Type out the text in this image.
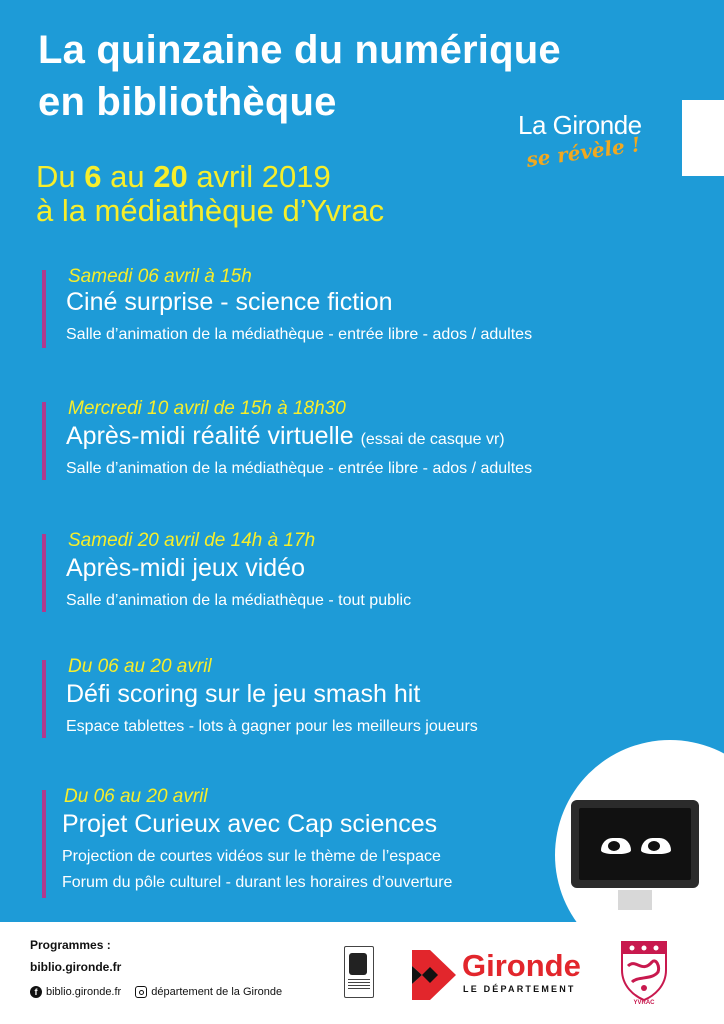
La quinzaine du numérique
en bibliothèque
La Gironde
se révèle !
Du 6 au 20 avril 2019
à la médiathèque d’Yvrac
Samedi 06 avril à 15h
Ciné surprise - science fiction
Salle d’animation de la médiathèque - entrée libre - ados / adultes
Mercredi 10 avril de 15h à 18h30
Après-midi réalité virtuelle (essai de casque vr)
Salle d’animation de la médiathèque - entrée libre - ados / adultes
Samedi 20 avril de 14h à 17h
Après-midi jeux vidéo
Salle d’animation de la médiathèque - tout public
Du 06 au 20 avril
Défi scoring sur le jeu smash hit
Espace tablettes - lots à gagner pour les meilleurs joueurs
Du 06 au 20 avril
Projet Curieux avec Cap sciences
Projection de courtes vidéos sur le thème de l’espace
Forum du pôle culturel - durant les horaires d’ouverture
Programmes :
biblio.gironde.fr
f biblio.gironde.fr	département de la Gironde
Gironde
LE DÉPARTEMENT
YVRAC
